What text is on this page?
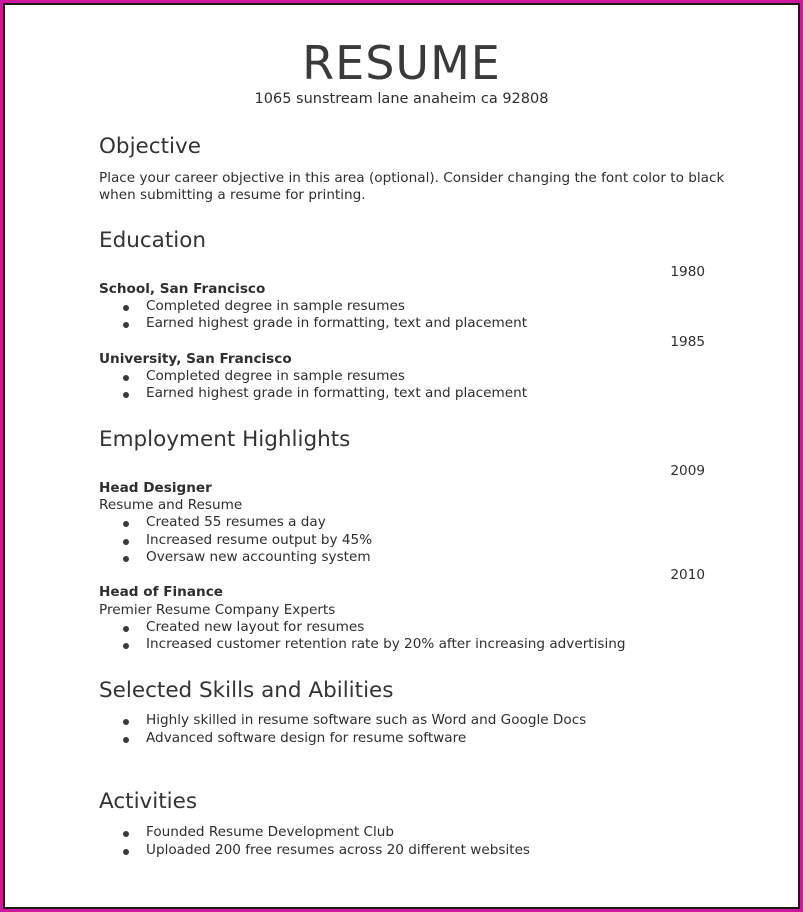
RESUME
1065 sunstream lane anaheim ca 92808
Objective
Place your career objective in this area (optional). Consider changing the font color to black
when submitting a resume for printing.
Education
1980
School, San Francisco
Completed degree in sample resumes
Earned highest grade in formatting, text and placement
1985
University, San Francisco
Completed degree in sample resumes
Earned highest grade in formatting, text and placement
Employment Highlights
2009
Head Designer
Resume and Resume
Created 55 resumes a day
Increased resume output by 45%
Oversaw new accounting system
2010
Head of Finance
Premier Resume Company Experts
Created new layout for resumes
Increased customer retention rate by 20% after increasing advertising
Selected Skills and Abilities
Highly skilled in resume software such as Word and Google Docs
Advanced software design for resume software
Activities
Founded Resume Development Club
Uploaded 200 free resumes across 20 different websites
